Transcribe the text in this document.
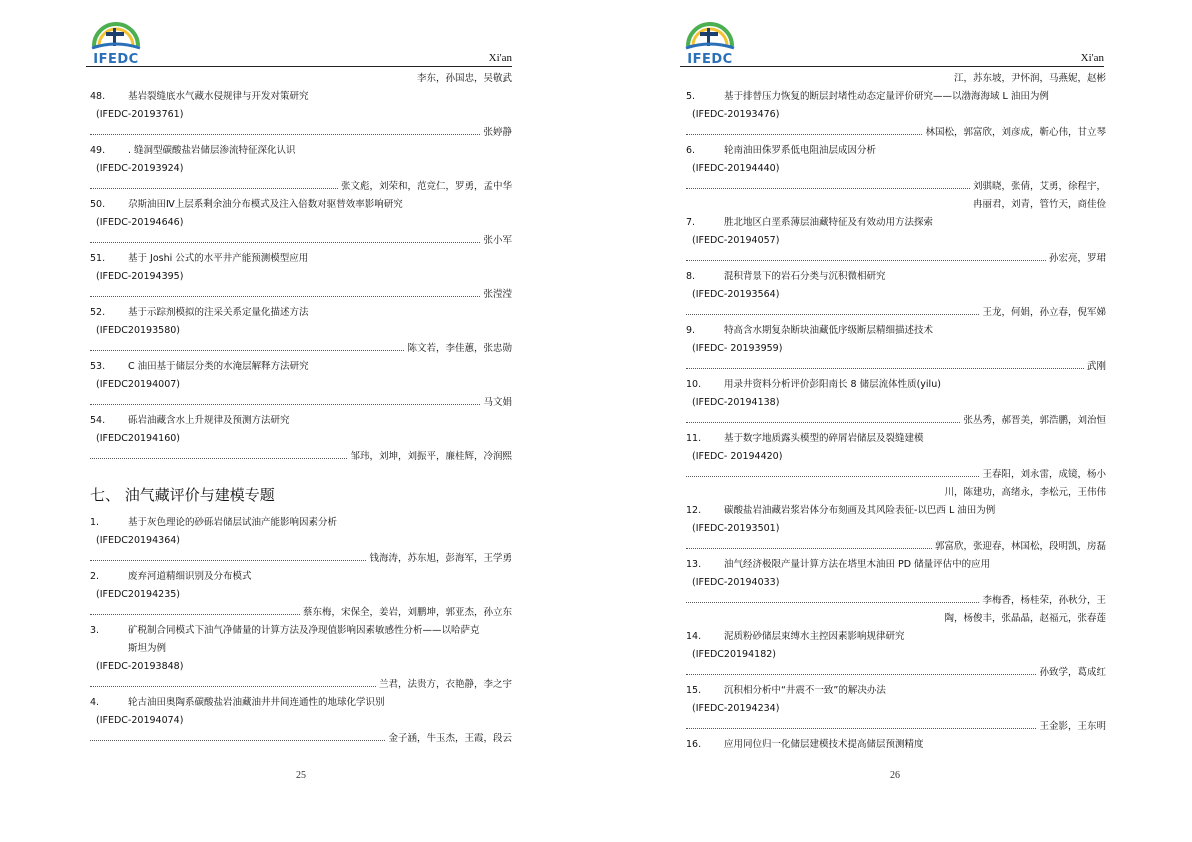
IFEDC	Xi'an
李东，孙国忠，吴敬武
48.	基岩裂缝底水气藏水侵规律与开发对策研究
(IFEDC-20193761)
张婷静
49.	. 缝洞型碳酸盐岩储层渗流特征深化认识
(IFEDC-20193924)
张文彪，刘荣和，范竞仁，罗勇，孟中华
50.	尕斯油田Ⅳ上层系剩余油分布模式及注入倍数对驱替效率影响研究
(IFEDC-20194646)
张小军
51.	基于 Joshi 公式的水平井产能预测模型应用
(IFEDC-20194395)
张滢滢
52.	基于示踪剂模拟的注采关系定量化描述方法
(IFEDC20193580)
陈文若，李佳蕙，张忠勋
53.	C 油田基于储层分类的水淹层解释方法研究
(IFEDC20194007)
马文娟
54.	砾岩油藏含水上升规律及预测方法研究
(IFEDC20194160)
邹玮，刘坤，刘振平，廉桂辉，冷润熙
七、 油气藏评价与建模专题
1.	基于灰色理论的砂砾岩储层试油产能影响因素分析
(IFEDC20194364)
钱海涛，苏东旭，彭海军，王学勇
2.	废弃河道精细识别及分布模式
(IFEDC20194235)
蔡东梅，宋保全，姜岩，刘鹏坤，郭亚杰，孙立东
3.	矿税制合同模式下油气净储量的计算方法及净现值影响因素敏感性分析——以哈萨克
斯坦为例
(IFEDC-20193848)
兰君，法贵方，衣艳静，李之宇
4.	轮古油田奥陶系碳酸盐岩油藏油井井间连通性的地球化学识别
(IFEDC-20194074)
金子涵，牛玉杰，王霞，段云
25
IFEDC	Xi'an
江，苏东坡，尹怀润，马燕妮，赵彬
5.	基于排替压力恢复的断层封堵性动态定量评价研究——以渤海海域 L 油田为例
(IFEDC-20193476)
林国松，郭富欣，刘彦成，靳心伟，甘立琴
6.	轮南油田侏罗系低电阻油层成因分析
(IFEDC-20194440)
刘骐晓，张倩，艾勇，徐程宇，
冉丽君，刘青，管竹天，商佳俭
7.	胜北地区白垩系薄层油藏特征及有效动用方法探索
(IFEDC-20194057)
孙宏亮，罗珺
8.	混积背景下的岩石分类与沉积微相研究
(IFEDC-20193564)
王龙，何娟，孙立春，倪军娣
9.	特高含水期复杂断块油藏低序级断层精细描述技术
(IFEDC- 20193959)
武刚
10.	用录井资料分析评价彭阳南长 8 储层流体性质(yilu)
(IFEDC-20194138)
张丛秀，郝晋美，郭浩鹏，刘治恒
11.	基于数字地质露头模型的碎屑岩储层及裂缝建模
(IFEDC- 20194420)
王春阳，刘永雷，成镜，杨小
川，陈建功，高绪永，李松元，王伟伟
12.	碳酸盐岩油藏岩浆岩体分布刻画及其风险表征-以巴西 L 油田为例
(IFEDC-20193501)
郭富欣，张迎春，林国松，段明凯，房磊
13.	油气经济极限产量计算方法在塔里木油田 PD 储量评估中的应用
(IFEDC-20194033)
李梅香，杨桂荣，孙秋分，王
陶，杨俊丰，张晶晶，赵福元，张春莲
14.	泥质粉砂储层束缚水主控因素影响规律研究
(IFEDC20194182)
孙致学，葛成红
15.	沉积相分析中“井震不一致”的解决办法
(IFEDC-20194234)
王金影，王东明
16.	应用同位归一化储层建模技术提高储层预测精度
26
